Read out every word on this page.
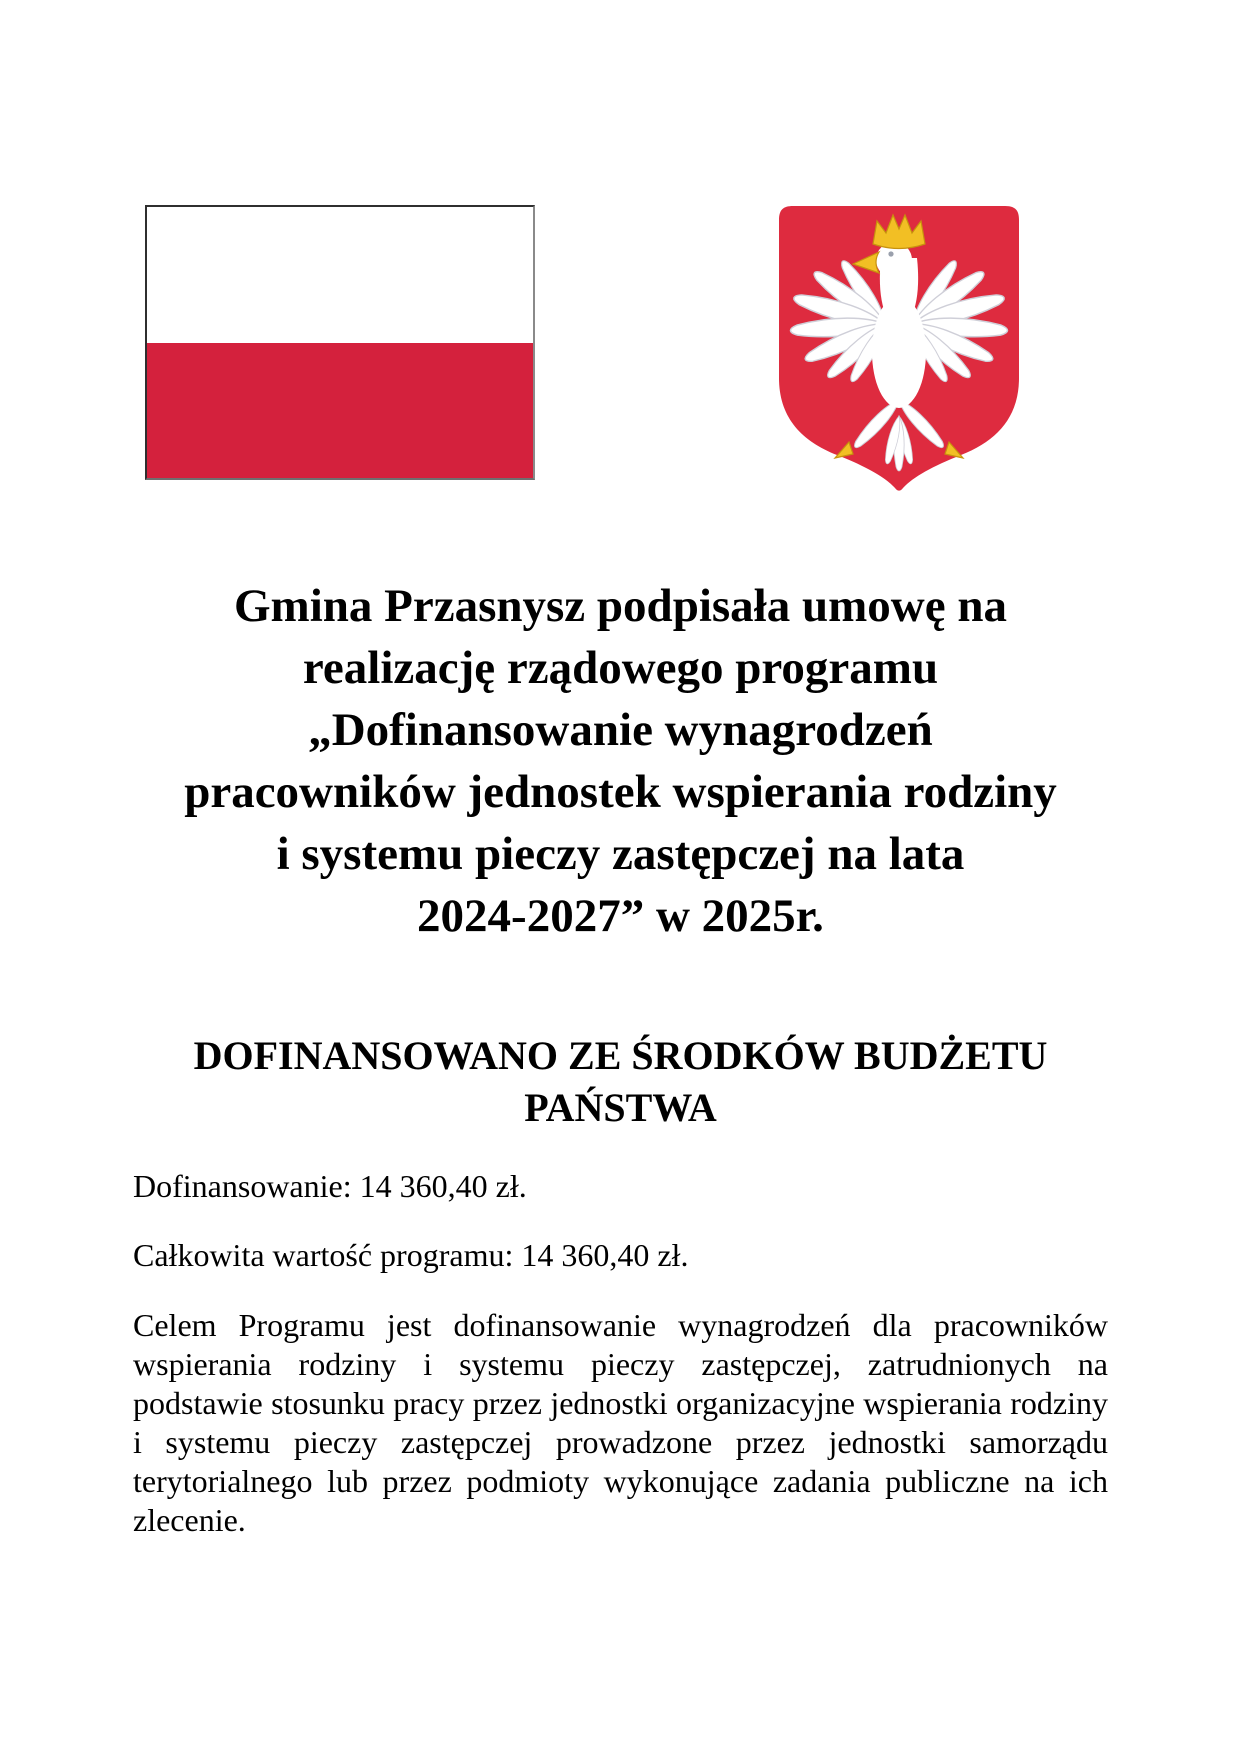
Gmina Przasnysz podpisała umowę na
realizację rządowego programu
„Dofinansowanie wynagrodzeń
pracowników jednostek wspierania rodziny
i systemu pieczy zastępczej na lata
2024-2027” w 2025r.
DOFINANSOWANO ZE ŚRODKÓW BUDŻETU
PAŃSTWA
Dofinansowanie: 14 360,40 zł.
Całkowita wartość programu: 14 360,40 zł.
Celem Programu jest dofinansowanie wynagrodzeń dla pracowników wspierania rodziny i systemu pieczy zastępczej, zatrudnionych na podstawie stosunku pracy przez jednostki organizacyjne wspierania rodziny i systemu pieczy zastępczej prowadzone przez jednostki samorządu terytorialnego lub przez podmioty wykonujące zadania publiczne na ich zlecenie.
